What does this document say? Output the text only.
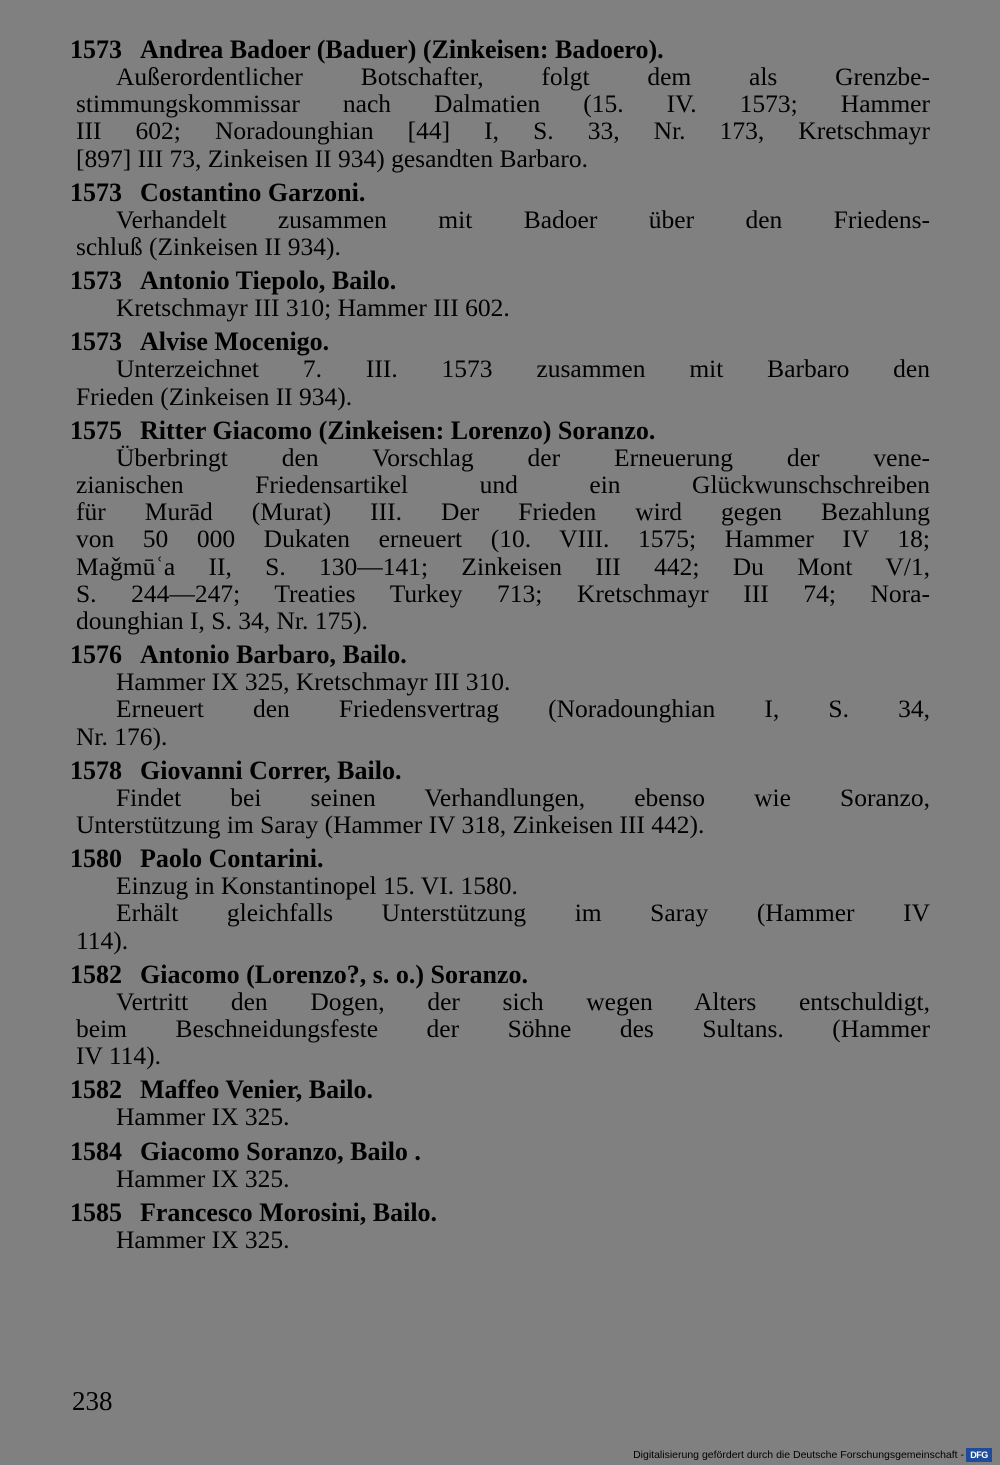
1573 Andrea Badoer (Baduer) (Zinkeisen: Badoero).
Außerordentlicher Botschafter, folgt dem als Grenzbe-
stimmungskommissar nach Dalmatien (15. IV. 1573; Hammer
III 602; Noradounghian [44] I, S. 33, Nr. 173, Kretschmayr
[897] III 73, Zinkeisen II 934) gesandten Barbaro.
1573 Costantino Garzoni.
Verhandelt zusammen mit Badoer über den Friedens-
schluß (Zinkeisen II 934).
1573 Antonio Tiepolo, Bailo.
Kretschmayr III 310; Hammer III 602.
1573 Alvise Mocenigo.
Unterzeichnet 7. III. 1573 zusammen mit Barbaro den
Frieden (Zinkeisen II 934).
1575 Ritter Giacomo (Zinkeisen: Lorenzo) Soranzo.
Überbringt den Vorschlag der Erneuerung der vene-
zianischen Friedensartikel und ein Glückwunschschreiben
für Murād (Murat) III. Der Frieden wird gegen Bezahlung
von 50 000 Dukaten erneuert (10. VIII. 1575; Hammer IV 18;
Maǧmūʿa II, S. 130—141; Zinkeisen III 442; Du Mont V/1,
S. 244—247; Treaties Turkey 713; Kretschmayr III 74; Nora-
dounghian I, S. 34, Nr. 175).
1576 Antonio Barbaro, Bailo.
Hammer IX 325, Kretschmayr III 310.
Erneuert den Friedensvertrag (Noradounghian I, S. 34,
Nr. 176).
1578 Giovanni Correr, Bailo.
Findet bei seinen Verhandlungen, ebenso wie Soranzo,
Unterstützung im Saray (Hammer IV 318, Zinkeisen III 442).
1580 Paolo Contarini.
Einzug in Konstantinopel 15. VI. 1580.
Erhält gleichfalls Unterstützung im Saray (Hammer IV
114).
1582 Giacomo (Lorenzo?, s. o.) Soranzo.
Vertritt den Dogen, der sich wegen Alters entschuldigt,
beim Beschneidungsfeste der Söhne des Sultans. (Hammer
IV 114).
1582 Maffeo Venier, Bailo.
Hammer IX 325.
1584 Giacomo Soranzo, Bailo .
Hammer IX 325.
1585 Francesco Morosini, Bailo.
Hammer IX 325.
238
Digitalisierung gefördert durch die Deutsche Forschungsgemeinschaft - DFG
